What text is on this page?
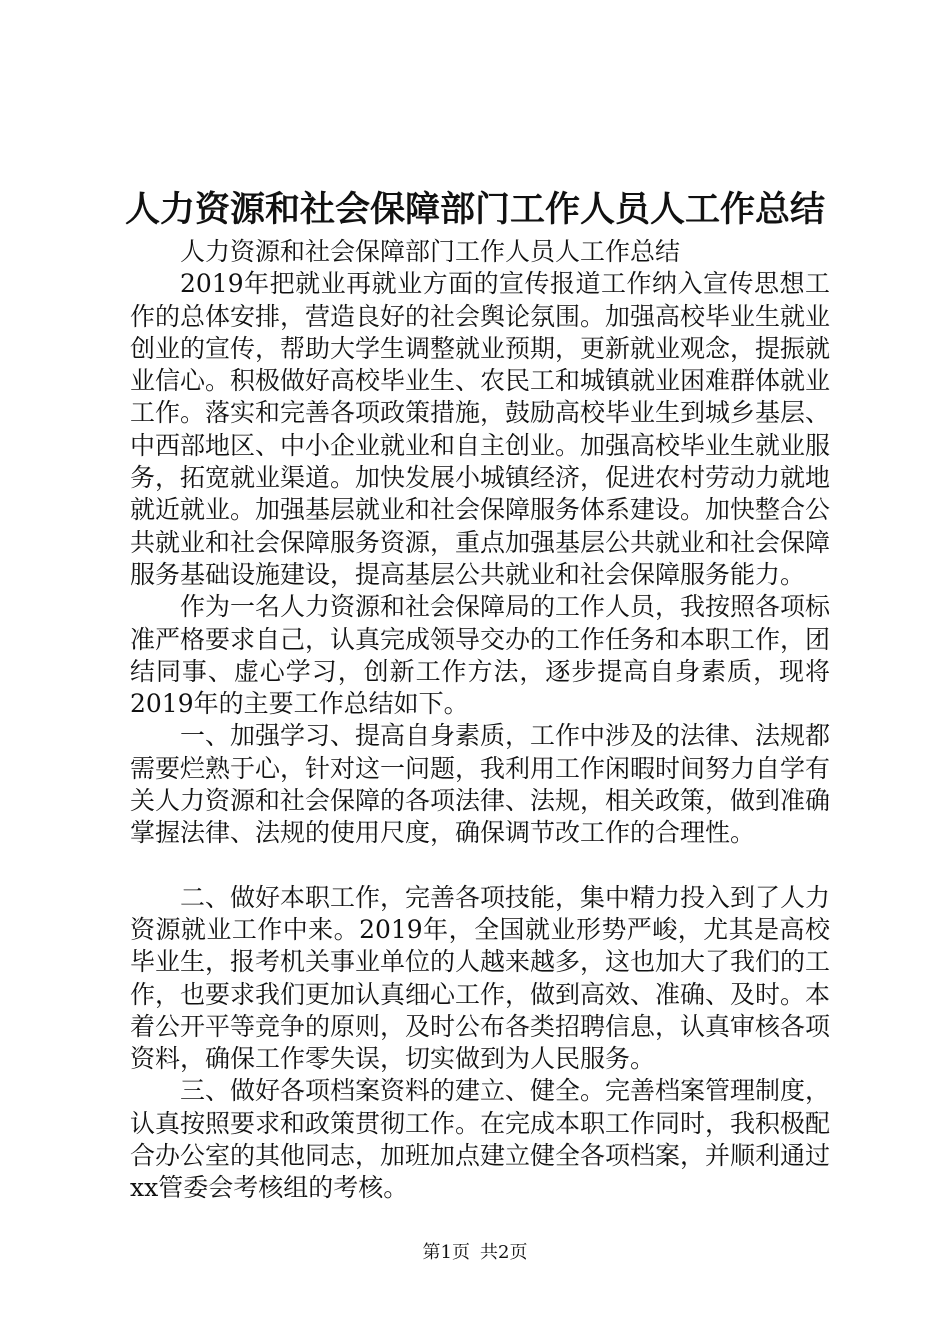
人力资源和社会保障部门工作人员人工作总结

人力资源和社会保障部门工作人员人工作总结

2019年把就业再就业方面的宣传报道工作纳入宣传思想工作的总体安排，营造良好的社会舆论氛围。加强高校毕业生就业创业的宣传，帮助大学生调整就业预期，更新就业观念，提振就业信心。积极做好高校毕业生、农民工和城镇就业困难群体就业工作。落实和完善各项政策措施，鼓励高校毕业生到城乡基层、中西部地区、中小企业就业和自主创业。加强高校毕业生就业服务，拓宽就业渠道。加快发展小城镇经济，促进农村劳动力就地就近就业。加强基层就业和社会保障服务体系建设。加快整合公共就业和社会保障服务资源，重点加强基层公共就业和社会保障服务基础设施建设，提高基层公共就业和社会保障服务能力。

作为一名人力资源和社会保障局的工作人员，我按照各项标准严格要求自己，认真完成领导交办的工作任务和本职工作，团结同事、虚心学习，创新工作方法，逐步提高自身素质，现将2019年的主要工作总结如下。

一、加强学习、提高自身素质，工作中涉及的法律、法规都需要烂熟于心，针对这一问题，我利用工作闲暇时间努力自学有关人力资源和社会保障的各项法律、法规，相关政策，做到准确掌握法律、法规的使用尺度，确保调节改工作的合理性。

二、做好本职工作，完善各项技能，集中精力投入到了人力资源就业工作中来。2019年，全国就业形势严峻，尤其是高校毕业生，报考机关事业单位的人越来越多，这也加大了我们的工作，也要求我们更加认真细心工作，做到高效、准确、及时。本着公开平等竞争的原则，及时公布各类招聘信息，认真审核各项资料，确保工作零失误，切实做到为人民服务。

三、做好各项档案资料的建立、健全。完善档案管理制度，认真按照要求和政策贯彻工作。在完成本职工作同时，我积极配合办公室的其他同志，加班加点建立健全各项档案，并顺利通过xx管委会考核组的考核。

第1页 共2页
